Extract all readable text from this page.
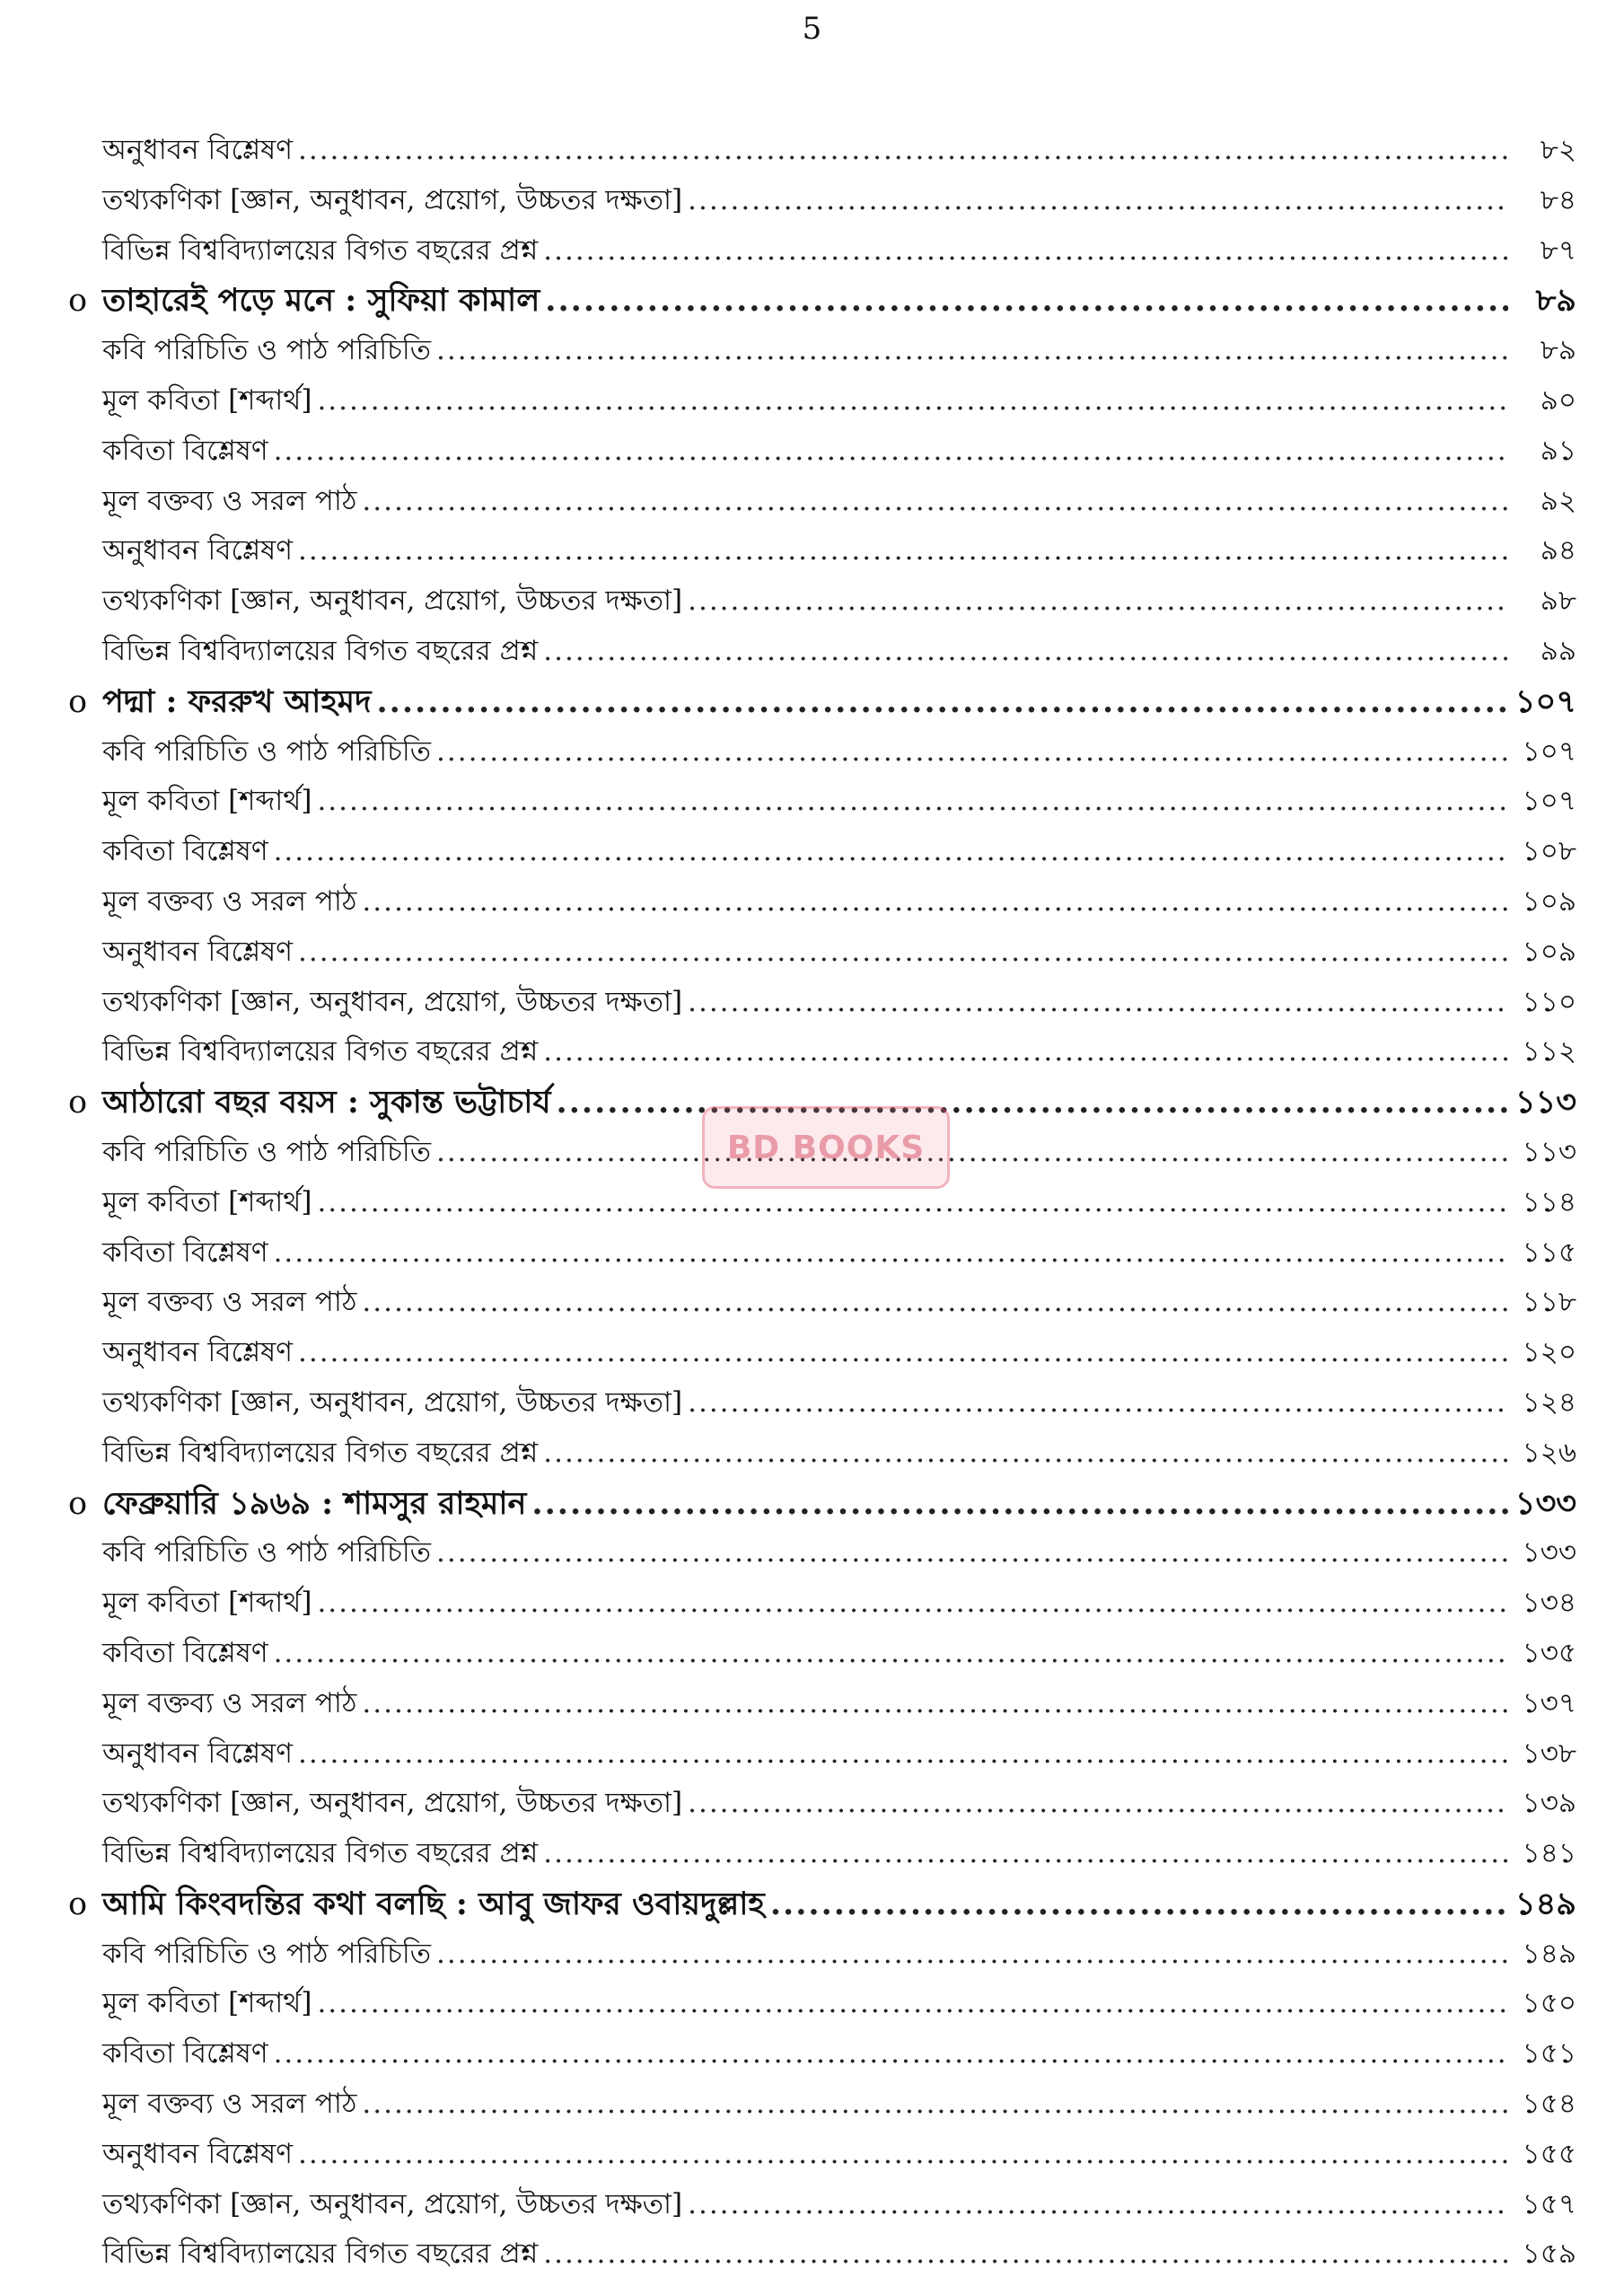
5
অনুধাবন বিশ্লেষণ .....	৮২
তথ্যকণিকা [জ্ঞান, অনুধাবন, প্রয়োগ, উচ্চতর দক্ষতা] .....	৮৪
বিভিন্ন বিশ্ববিদ্যালয়ের বিগত বছরের প্রশ্ন .....	৮৭
o তাহারেই পড়ে মনে : সুফিয়া কামাল .....	৮৯
কবি পরিচিতি ও পাঠ পরিচিতি .....	৮৯
মূল কবিতা [শব্দার্থ] .....	৯০
কবিতা বিশ্লেষণ .....	৯১
মূল বক্তব্য ও সরল পাঠ .....	৯২
অনুধাবন বিশ্লেষণ .....	৯৪
তথ্যকণিকা [জ্ঞান, অনুধাবন, প্রয়োগ, উচ্চতর দক্ষতা] .....	৯৮
বিভিন্ন বিশ্ববিদ্যালয়ের বিগত বছরের প্রশ্ন .....	৯৯
o পদ্মা : ফররুখ আহমদ .....	১০৭
কবি পরিচিতি ও পাঠ পরিচিতি .....	১০৭
মূল কবিতা [শব্দার্থ] .....	১০৭
কবিতা বিশ্লেষণ .....	১০৮
মূল বক্তব্য ও সরল পাঠ .....	১০৯
অনুধাবন বিশ্লেষণ .....	১০৯
তথ্যকণিকা [জ্ঞান, অনুধাবন, প্রয়োগ, উচ্চতর দক্ষতা] .....	১১০
বিভিন্ন বিশ্ববিদ্যালয়ের বিগত বছরের প্রশ্ন .....	১১২
o আঠারো বছর বয়স : সুকান্ত ভট্টাচার্য .....	১১৩
কবি পরিচিতি ও পাঠ পরিচিতি .....	১১৩
মূল কবিতা [শব্দার্থ] .....	১১৪
কবিতা বিশ্লেষণ .....	১১৫
মূল বক্তব্য ও সরল পাঠ .....	১১৮
অনুধাবন বিশ্লেষণ .....	১২০
তথ্যকণিকা [জ্ঞান, অনুধাবন, প্রয়োগ, উচ্চতর দক্ষতা] .....	১২৪
বিভিন্ন বিশ্ববিদ্যালয়ের বিগত বছরের প্রশ্ন .....	১২৬
o ফেব্রুয়ারি ১৯৬৯ : শামসুর রাহমান .....	১৩৩
কবি পরিচিতি ও পাঠ পরিচিতি .....	১৩৩
মূল কবিতা [শব্দার্থ] .....	১৩৪
কবিতা বিশ্লেষণ .....	১৩৫
মূল বক্তব্য ও সরল পাঠ .....	১৩৭
অনুধাবন বিশ্লেষণ .....	১৩৮
তথ্যকণিকা [জ্ঞান, অনুধাবন, প্রয়োগ, উচ্চতর দক্ষতা] .....	১৩৯
বিভিন্ন বিশ্ববিদ্যালয়ের বিগত বছরের প্রশ্ন .....	১৪১
o আমি কিংবদন্তির কথা বলছি : আবু জাফর ওবায়দুল্লাহ .....	১৪৯
কবি পরিচিতি ও পাঠ পরিচিতি .....	১৪৯
মূল কবিতা [শব্দার্থ] .....	১৫০
কবিতা বিশ্লেষণ .....	১৫১
মূল বক্তব্য ও সরল পাঠ .....	১৫৪
অনুধাবন বিশ্লেষণ .....	১৫৫
তথ্যকণিকা [জ্ঞান, অনুধাবন, প্রয়োগ, উচ্চতর দক্ষতা] .....	১৫৭
বিভিন্ন বিশ্ববিদ্যালয়ের বিগত বছরের প্রশ্ন .....	১৫৯
BD BOOKS
